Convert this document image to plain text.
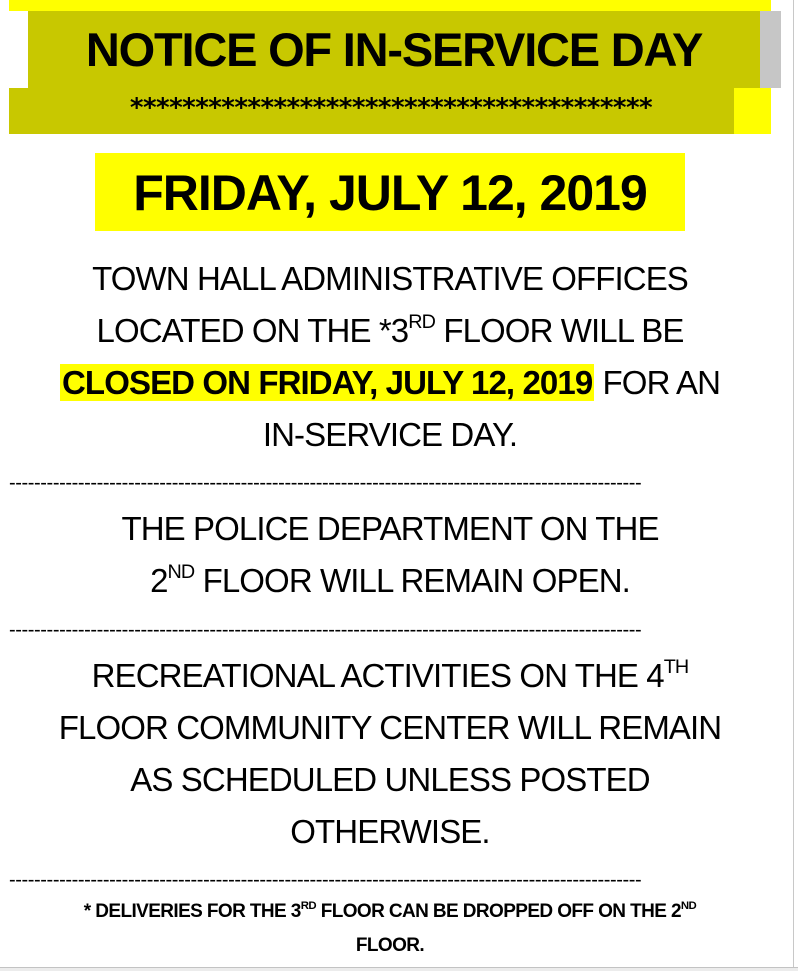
NOTICE OF IN-SERVICE DAY
****************************************
FRIDAY, JULY 12, 2019
TOWN HALL ADMINISTRATIVE OFFICES
LOCATED ON THE *3RD FLOOR WILL BE
CLOSED ON FRIDAY, JULY 12, 2019 FOR AN
IN-SERVICE DAY.
-----------------------------------------------------------------------------------------------------
THE POLICE DEPARTMENT ON THE
2ND FLOOR WILL REMAIN OPEN.
-----------------------------------------------------------------------------------------------------
RECREATIONAL ACTIVITIES ON THE 4TH
FLOOR COMMUNITY CENTER WILL REMAIN
AS SCHEDULED UNLESS POSTED
OTHERWISE.
-----------------------------------------------------------------------------------------------------
* DELIVERIES FOR THE 3RD FLOOR CAN BE DROPPED OFF ON THE 2ND
FLOOR.
